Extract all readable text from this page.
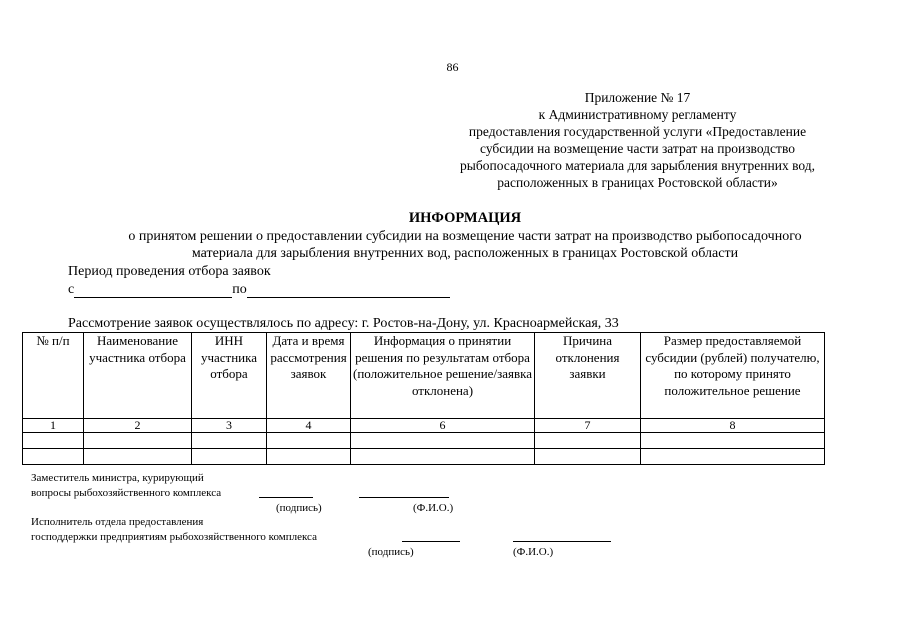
86
Приложение № 17
к Административному регламенту
предоставления государственной услуги «Предоставление
субсидии на возмещение части затрат на производство
рыбопосадочного материала для зарыбления внутренних вод,
расположенных в границах Ростовской области»
ИНФОРМАЦИЯ
о принятом решении о предоставлении субсидии на возмещение части затрат на производство рыбопосадочного
материала для зарыбления внутренних вод, расположенных в границах Ростовской области
Период проведения отбора заявок
с	по
Рассмотрение заявок осуществлялось по адресу: г. Ростов-на-Дону, ул. Красноармейская, 33
№ п/п	Наименование участника отбора	ИНН участника отбора	Дата и время рассмотрения заявок	Информация о принятии решения по результатам отбора (положительное решение/заявка отклонена)	Причина отклонения заявки	Размер предоставляемой субсидии (рублей) получателю, по которому принято положительное решение
1	2	3	4	6	7	8

Заместитель министра, курирующий
вопросы рыбохозяйственного комплекса
(подпись)	(Ф.И.О.)
Исполнитель отдела предоставления
господдержки предприятиям рыбохозяйственного комплекса
(подпись)	(Ф.И.О.)
